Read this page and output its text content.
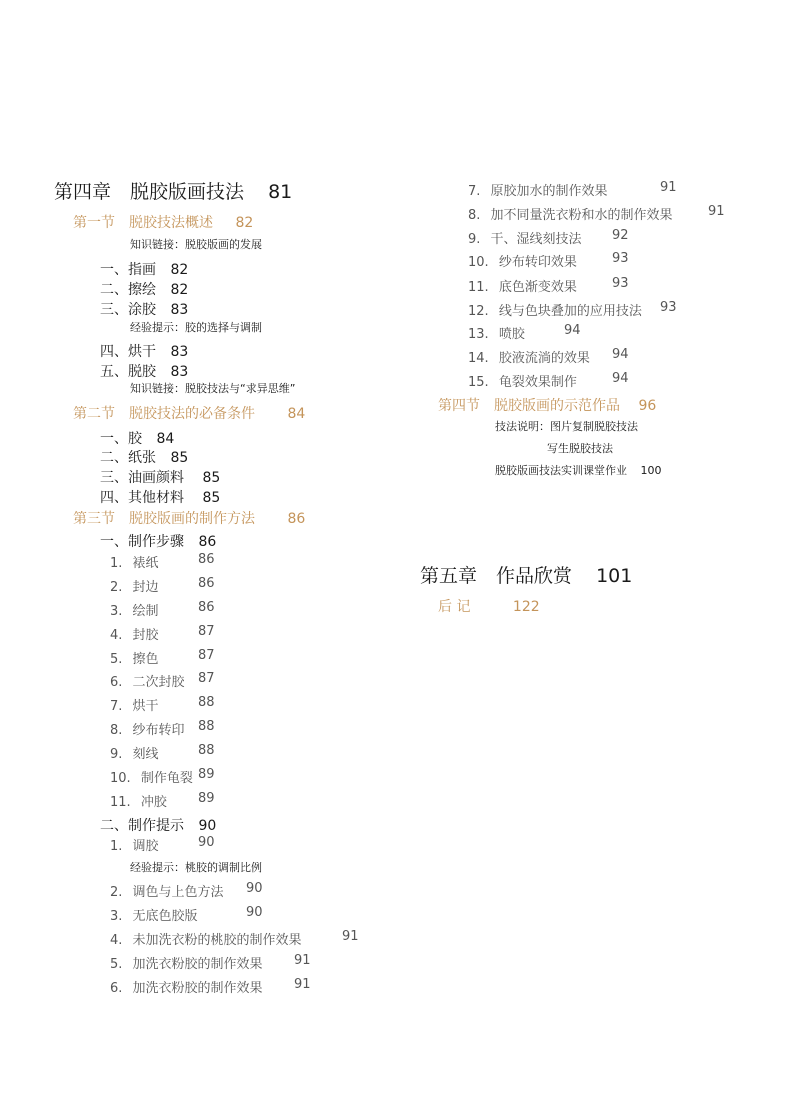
第四章　脱胶版画技法 81
第一节　脱胶技法概述 82
知识链接：脱胶版画的发展
一、指画 82
二、擦绘 82
三、涂胶 83
经验提示：胶的选择与调制
四、烘干 83
五、脱胶 83
知识链接：脱胶技法与“求异思维”
第二节　脱胶技法的必备条件 84
一、胶 84
二、纸张 85
三、油画颜料 85
四、其他材料 85
第三节　脱胶版画的制作方法 86
一、制作步骤 86
1. 裱纸	86
2. 封边	86
3. 绘制	86
4. 封胶	87
5. 擦色	87
6. 二次封胶 87
7. 烘干	88
8. 纱布转印 88
9. 刻线	88
10. 制作龟裂 89
11. 冲胶 89
二、制作提示 90
1. 调胶	90
经验提示：桃胶的调制比例
2. 调色与上色方法 90
3. 无底色胶版	90
4. 未加洗衣粉的桃胶的制作效果	91
5. 加洗衣粉胶的制作效果 91
6. 加洗衣粉胶的制作效果 91
7. 原胶加水的制作效果	91
8. 加不同量洗衣粉和水的制作效果	91
9. 干、湿线刻技法 92
10. 纱布转印效果	93
11. 底色渐变效果	93
12. 线与色块叠加的应用技法 93
13. 喷胶	94
14. 胶液流淌的效果 94
15. 龟裂效果制作	94
第四节　脱胶版画的示范作品 96
技法说明：图片复制脱胶技法
写生脱胶技法
脱胶版画技法实训课堂作业 100
第五章　作品欣赏 101
后 记	122
